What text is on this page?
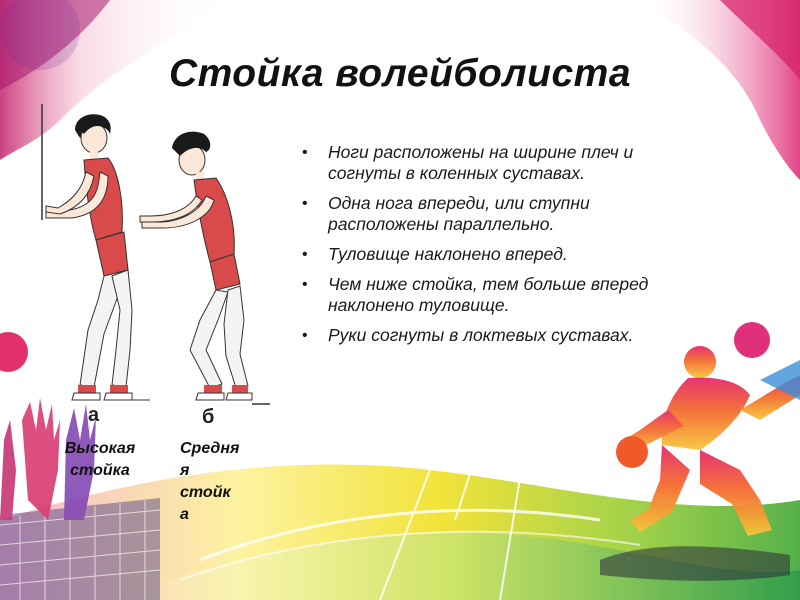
Стойка волейболиста
а	б
Высокая
стойка
Средня
я
стойк
а
• Ноги расположены на ширине плеч и согнуты в коленных суставах.
• Одна нога впереди, или ступни расположены параллельно.
• Туловище наклонено вперед.
• Чем ниже стойка, тем больше вперед наклонено туловище.
• Руки согнуты в локтевых суставах.
